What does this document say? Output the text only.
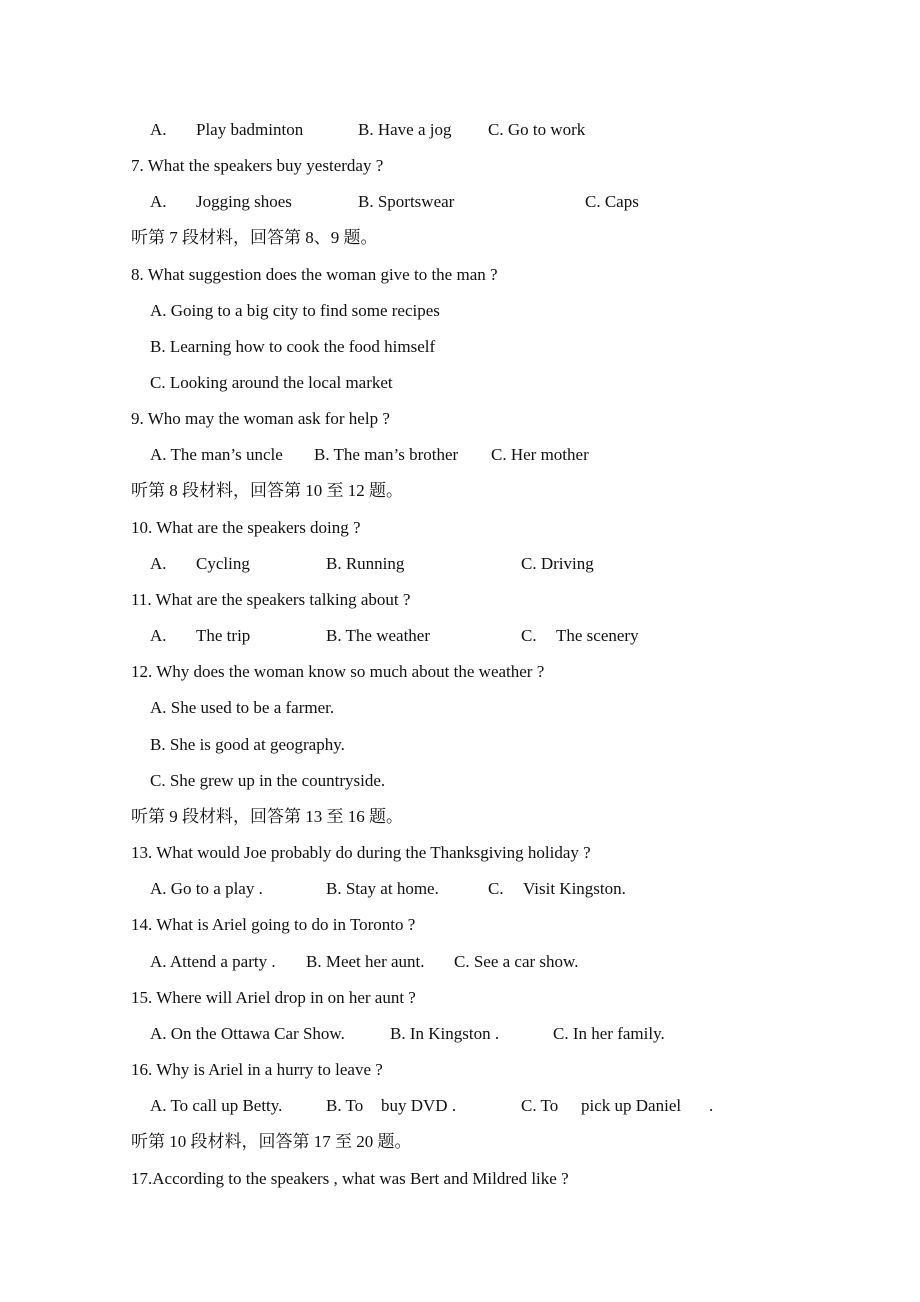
A. Play badminton	B. Have a jog C. Go to work
7. What the speakers buy yesterday ?
A. Jogging shoes	B. Sportswear	C. Caps
听第 7 段材料，回答第 8、9 题。
8. What suggestion does the woman give to the man ?
A. Going to a big city to find some recipes
B. Learning how to cook the food himself
C. Looking around the local market
9. Who may the woman ask for help ?
A. The man’s uncle B. The man’s brother C. Her mother
听第 8 段材料，回答第 10 至 12 题。
10. What are the speakers doing ?
A. Cycling	B. Running	C. Driving
11. What are the speakers talking about ?
A. The trip	B. The weather	C. The scenery
12. Why does the woman know so much about the weather ?
A. She used to be a farmer.
B. She is good at geography.
C. She grew up in the countryside.
听第 9 段材料，回答第 13 至 16 题。
13. What would Joe probably do during the Thanksgiving holiday ?
A. Go to a play .	B. Stay at home.	C. Visit Kingston.
14. What is Ariel going to do in Toronto ?
A. Attend a party . B. Meet her aunt. C. See a car show.
15. Where will Ariel drop in on her aunt ?
A. On the Ottawa Car Show.	B. In Kingston .	C. In her family.
16. Why is Ariel in a hurry to leave ?
A. To call up Betty.	B. To buy DVD .	C. To pick up Daniel .
听第 10 段材料，回答第 17 至 20 题。
17.According to the speakers , what was Bert and Mildred like ?
